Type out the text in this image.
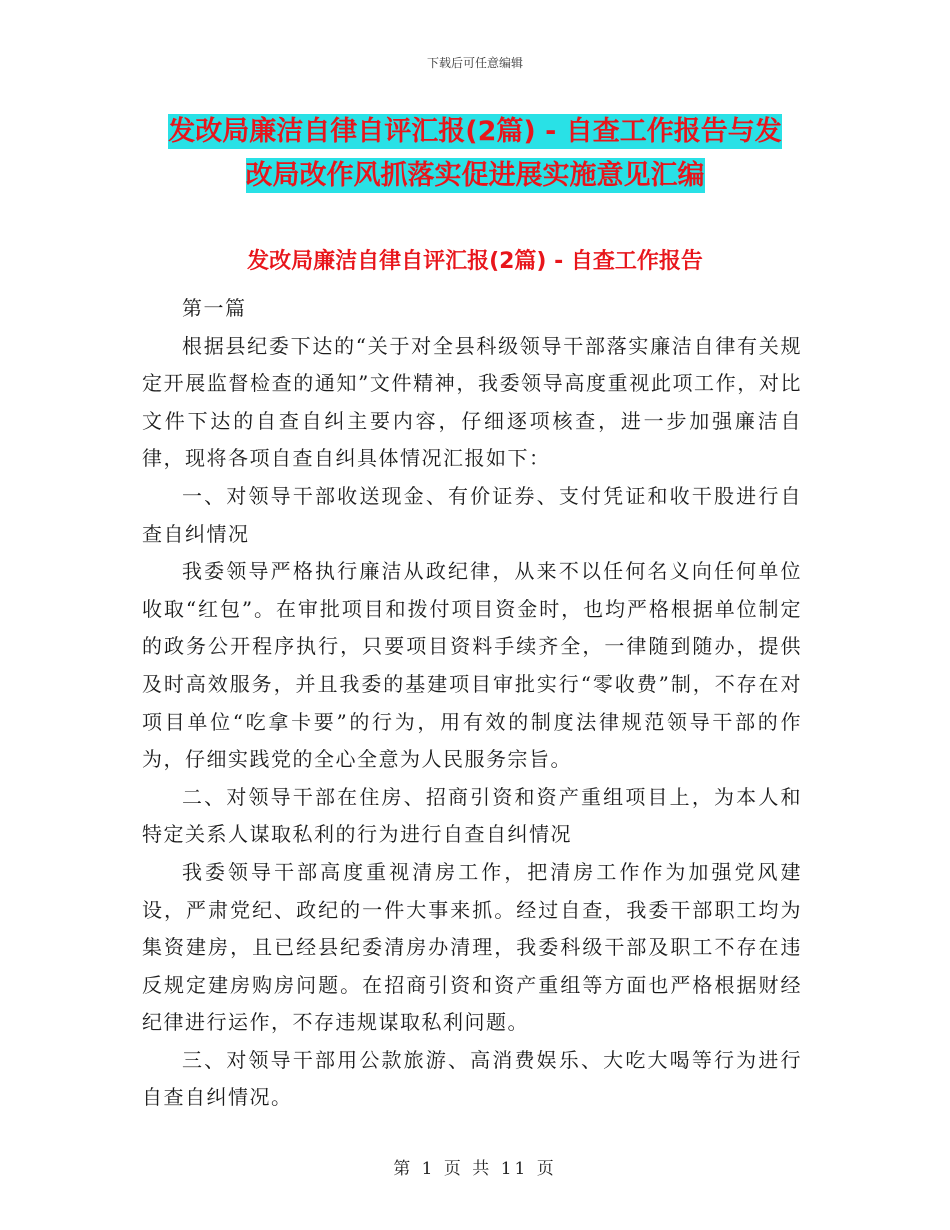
下载后可任意编辑
发改局廉洁自律自评汇报(2篇) - 自查工作报告与发
改局改作风抓落实促进展实施意见汇编
发改局廉洁自律自评汇报(2篇) - 自查工作报告

第一篇

根据县纪委下达的“关于对全县科级领导干部落实廉洁自律有关规定开展监督检查的通知”文件精神，我委领导高度重视此项工作，对比文件下达的自查自纠主要内容，仔细逐项核查，进一步加强廉洁自律，现将各项自查自纠具体情况汇报如下：

一、对领导干部收送现金、有价证券、支付凭证和收干股进行自查自纠情况

我委领导严格执行廉洁从政纪律，从来不以任何名义向任何单位收取“红包”。在审批项目和拨付项目资金时，也均严格根据单位制定的政务公开程序执行，只要项目资料手续齐全，一律随到随办，提供及时高效服务，并且我委的基建项目审批实行“零收费”制，不存在对项目单位“吃拿卡要”的行为，用有效的制度法律规范领导干部的作为，仔细实践党的全心全意为人民服务宗旨。

二、对领导干部在住房、招商引资和资产重组项目上，为本人和特定关系人谋取私利的行为进行自查自纠情况

我委领导干部高度重视清房工作，把清房工作作为加强党风建设，严肃党纪、政纪的一件大事来抓。经过自查，我委干部职工均为集资建房，且已经县纪委清房办清理，我委科级干部及职工不存在违反规定建房购房问题。在招商引资和资产重组等方面也严格根据财经纪律进行运作，不存违规谋取私利问题。

三、对领导干部用公款旅游、高消费娱乐、大吃大喝等行为进行自查自纠情况。

第 1 页 共 11 页
